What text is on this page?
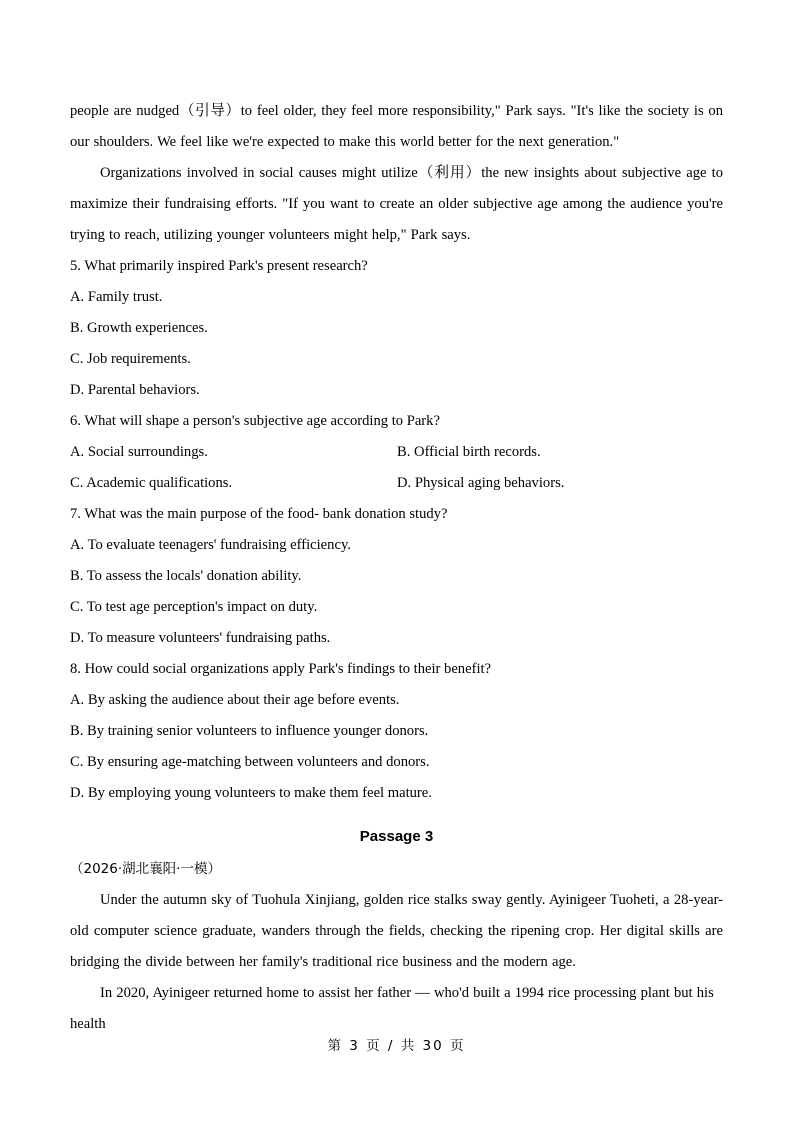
people are nudged（引导）to feel older, they feel more responsibility," Park says. "It's like the society is on our shoulders. We feel like we're expected to make this world better for the next generation."

Organizations involved in social causes might utilize（利用）the new insights about subjective age to maximize their fundraising efforts. "If you want to create an older subjective age among the audience you're trying to reach, utilizing younger volunteers might help," Park says.

5. What primarily inspired Park's present research?

A. Family trust.

B. Growth experiences.

C. Job requirements.

D. Parental behaviors.

6. What will shape a person's subjective age according to Park?

A. Social surroundings.	B. Official birth records.
C. Academic qualifications.	D. Physical aging behaviors.

7. What was the main purpose of the food- bank donation study?

A. To evaluate teenagers' fundraising efficiency.

B. To assess the locals' donation ability.

C. To test age perception's impact on duty.

D. To measure volunteers' fundraising paths.

8. How could social organizations apply Park's findings to their benefit?

A. By asking the audience about their age before events.

B. By training senior volunteers to influence younger donors.

C. By ensuring age-matching between volunteers and donors.

D. By employing young volunteers to make them feel mature.

Passage 3

（2026·湖北襄阳·一模）

Under the autumn sky of Tuohula Xinjiang, golden rice stalks sway gently. Ayinigeer Tuoheti, a 28-year-old computer science graduate, wanders through the fields, checking the ripening crop. Her digital skills are bridging the divide between her family's traditional rice business and the modern age.

In 2020, Ayinigeer returned home to assist her father — who'd built a 1994 rice processing plant but his health

第 3 页 / 共 30 页
